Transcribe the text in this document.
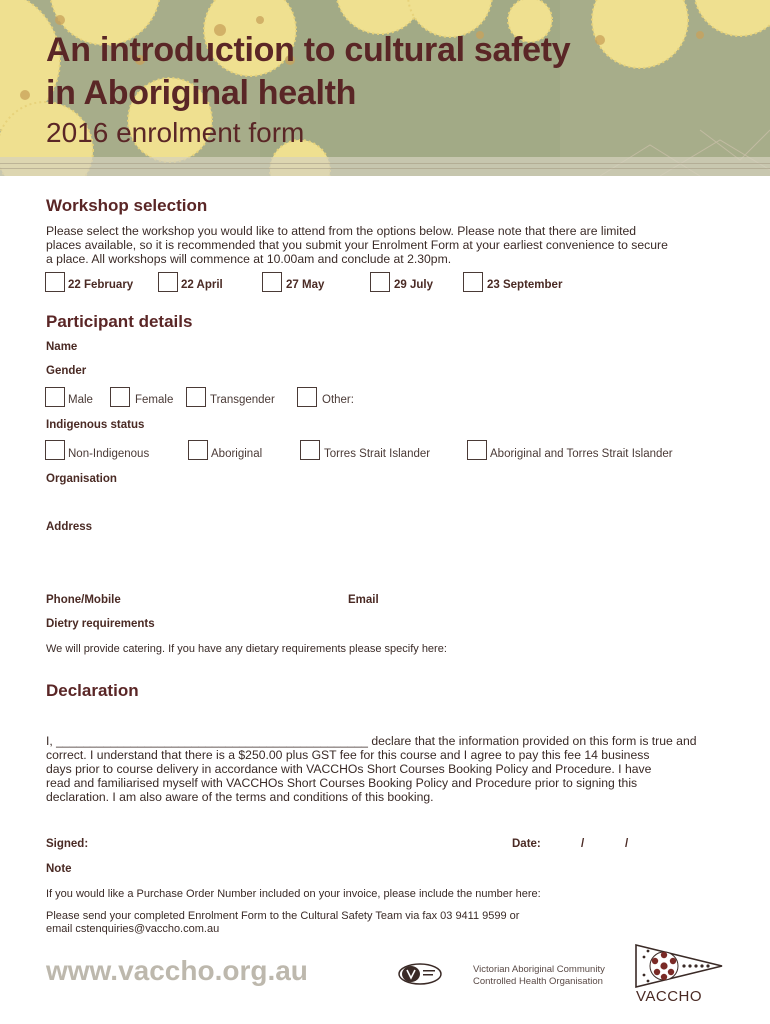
An introduction to cultural safety
in Aboriginal health
2016 enrolment form
Workshop selection
Please select the workshop you would like to attend from the options below. Please note that there are limited
places available, so it is recommended that you submit your Enrolment Form at your earliest convenience to secure
a place. All workshops will commence at 10.00am and conclude at 2.30pm.
22 February	22 April	27 May	29 July	23 September
Participant details
Name
Gender
Male	Female	Transgender	Other:
Indigenous status
Non-Indigenous	Aboriginal	Torres Strait Islander	Aboriginal and Torres Strait Islander
Organisation
Address
Phone/Mobile	Email
Dietry requirements
We will provide catering. If you have any dietary requirements please specify here:
Declaration
I, ______________________________________________ declare that the information provided on this form is true and
correct. I understand that there is a $250.00 plus GST fee for this course and I agree to pay this fee 14 business
days prior to course delivery in accordance with VACCHOs Short Courses Booking Policy and Procedure. I have
read and familiarised myself with VACCHOs Short Courses Booking Policy and Procedure prior to signing this
declaration. I am also aware of the terms and conditions of this booking.
Signed:	Date:	/	/
Note
If you would like a Purchase Order Number included on your invoice, please include the number here:
Please send your completed Enrolment Form to the Cultural Safety Team via fax 03 9411 9599 or
email cstenquiries@vaccho.com.au
www.vaccho.org.au	Victorian Aboriginal Community
Controlled Health Organisation
VACCHO
